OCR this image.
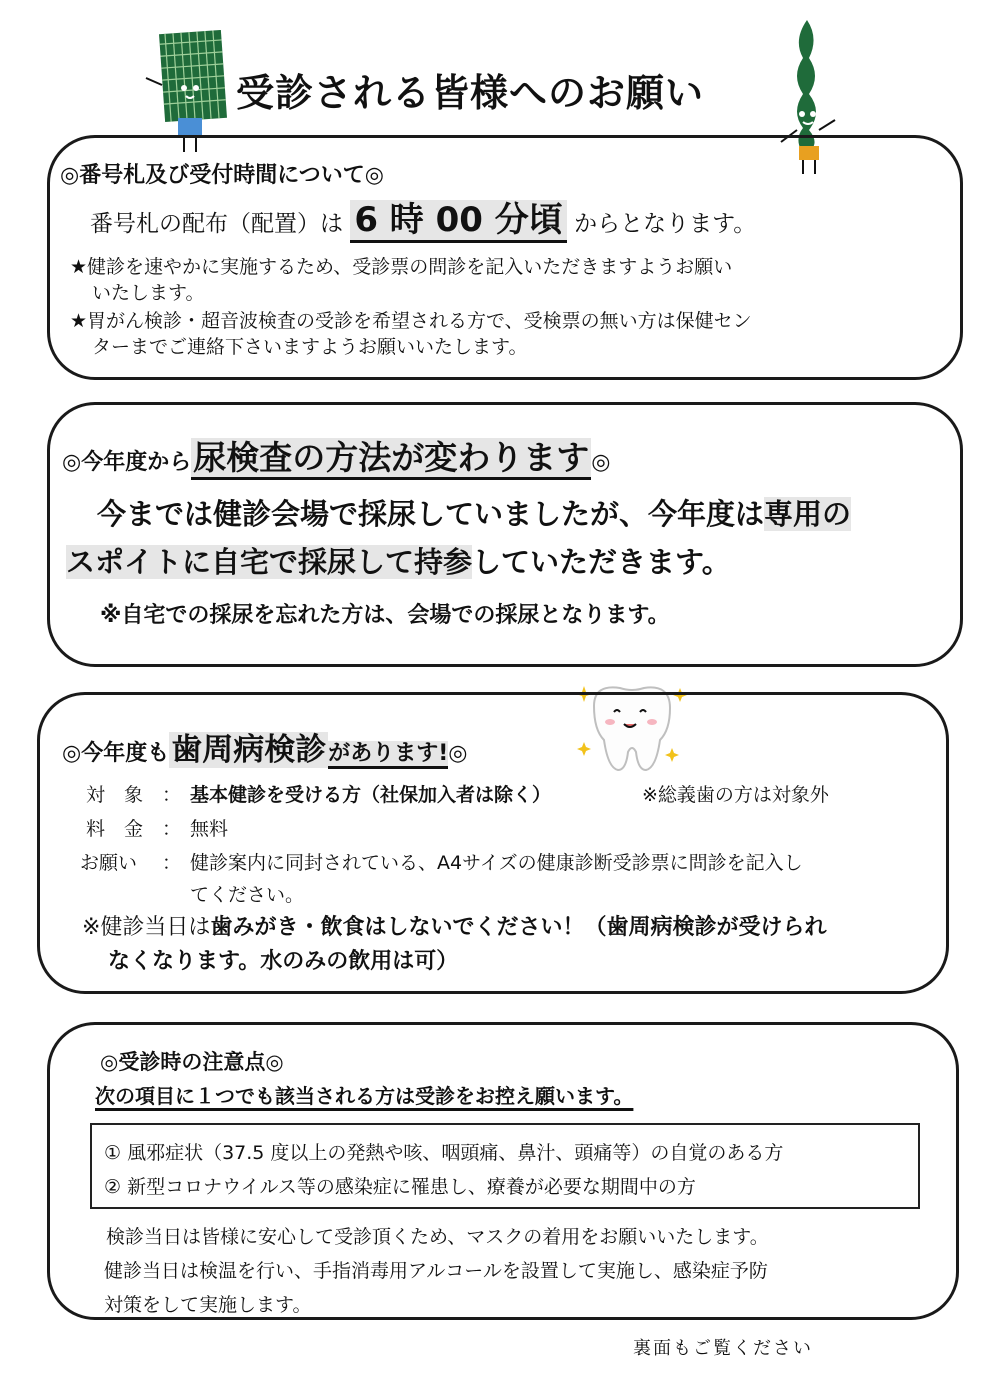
受診される皆様へのお願い
◎番号札及び受付時間について◎
番号札の配布（配置）は 6 時 00 分頃 からとなります。
★健診を速やかに実施するため、受診票の問診を記入いただきますようお願い
いたします。
★胃がん検診・超音波検査の受診を希望される方で、受検票の無い方は保健セン
ターまでご連絡下さいますようお願いいたします。
◎今年度から尿検査の方法が変わります◎
今までは健診会場で採尿していましたが、今年度は専用の
スポイトに自宅で採尿して持参していただきます。
※自宅での採尿を忘れた方は、会場での採尿となります。
◎今年度も歯周病検診があります!◎
対　象 ： 基本健診を受ける方（社保加入者は除く）	※総義歯の方は対象外
料　金 ： 無料
お願い ： 健診案内に同封されている、A4サイズの健康診断受診票に問診を記入し
てください。
※健診当日は歯みがき・飲食はしないでください！（歯周病検診が受けられ
なくなります。水のみの飲用は可）
◎受診時の注意点◎
次の項目に１つでも該当される方は受診をお控え願います。
① 風邪症状（37.5 度以上の発熱や咳、咽頭痛、鼻汁、頭痛等）の自覚のある方
② 新型コロナウイルス等の感染症に罹患し、療養が必要な期間中の方
検診当日は皆様に安心して受診頂くため、マスクの着用をお願いいたします。
健診当日は検温を行い、手指消毒用アルコールを設置して実施し、感染症予防
対策をして実施します。
裏面もご覧ください
